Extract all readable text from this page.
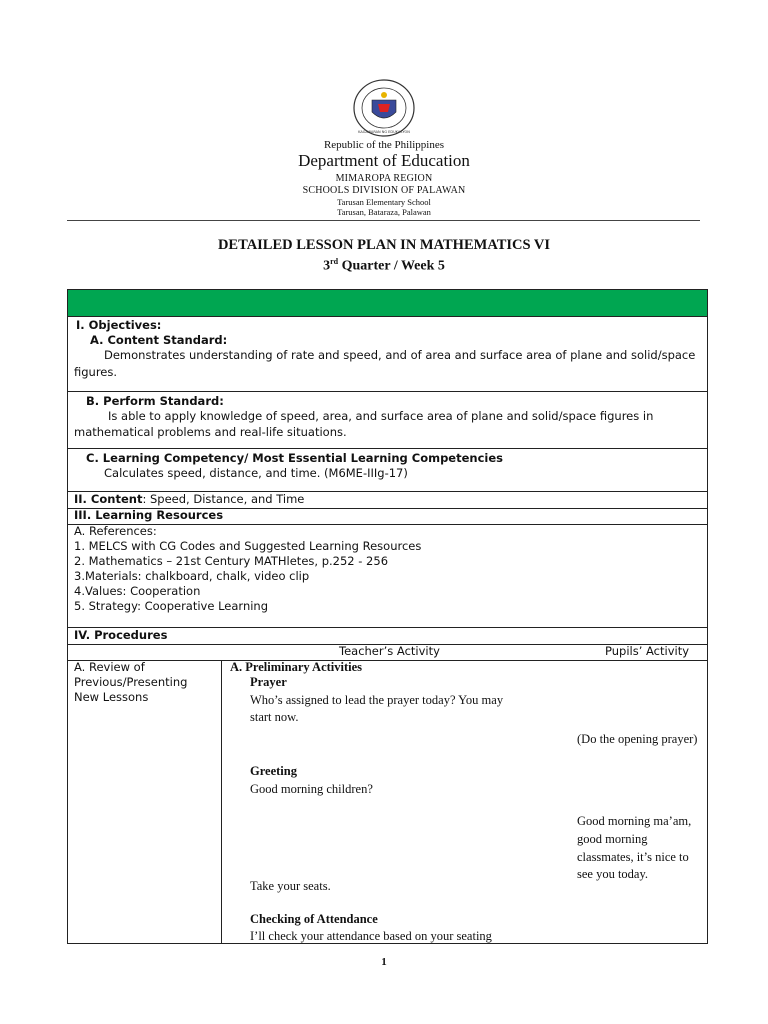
KAGAWARAN NG EDUKASYON
Republic of the Philippines
Department of Education
MIMAROPA REGION
SCHOOLS DIVISION OF PALAWAN
Tarusan Elementary School
Tarusan, Bataraza, Palawan
DETAILED LESSON PLAN IN MATHEMATICS VI
3rd Quarter / Week 5
I. Objectives:
A. Content Standard:
Demonstrates understanding of rate and speed, and of area and surface area of plane and solid/space
figures.
B. Perform Standard:
Is able to apply knowledge of speed, area, and surface area of plane and solid/space figures in
mathematical problems and real-life situations.
C. Learning Competency/ Most Essential Learning Competencies
Calculates speed, distance, and time. (M6ME-IIIg-17)
II. Content: Speed, Distance, and Time
III. Learning Resources
A. References:
1. MELCS with CG Codes and Suggested Learning Resources
2. Mathematics – 21st Century MATHletes, p.252 - 256
3.Materials: chalkboard, chalk, video clip
4.Values: Cooperation
5. Strategy: Cooperative Learning
IV. Procedures
Teacher’s Activity	Pupils’ Activity
A. Review of
Previous/Presenting
New Lessons
A. Preliminary Activities
Prayer
Who’s assigned to lead the prayer today? You may
start now.
(Do the opening prayer)
Greeting
Good morning children?
Good morning ma’am,
good morning
classmates, it’s nice to
see you today.
Take your seats.
Checking of Attendance
I’ll check your attendance based on your seating
1
